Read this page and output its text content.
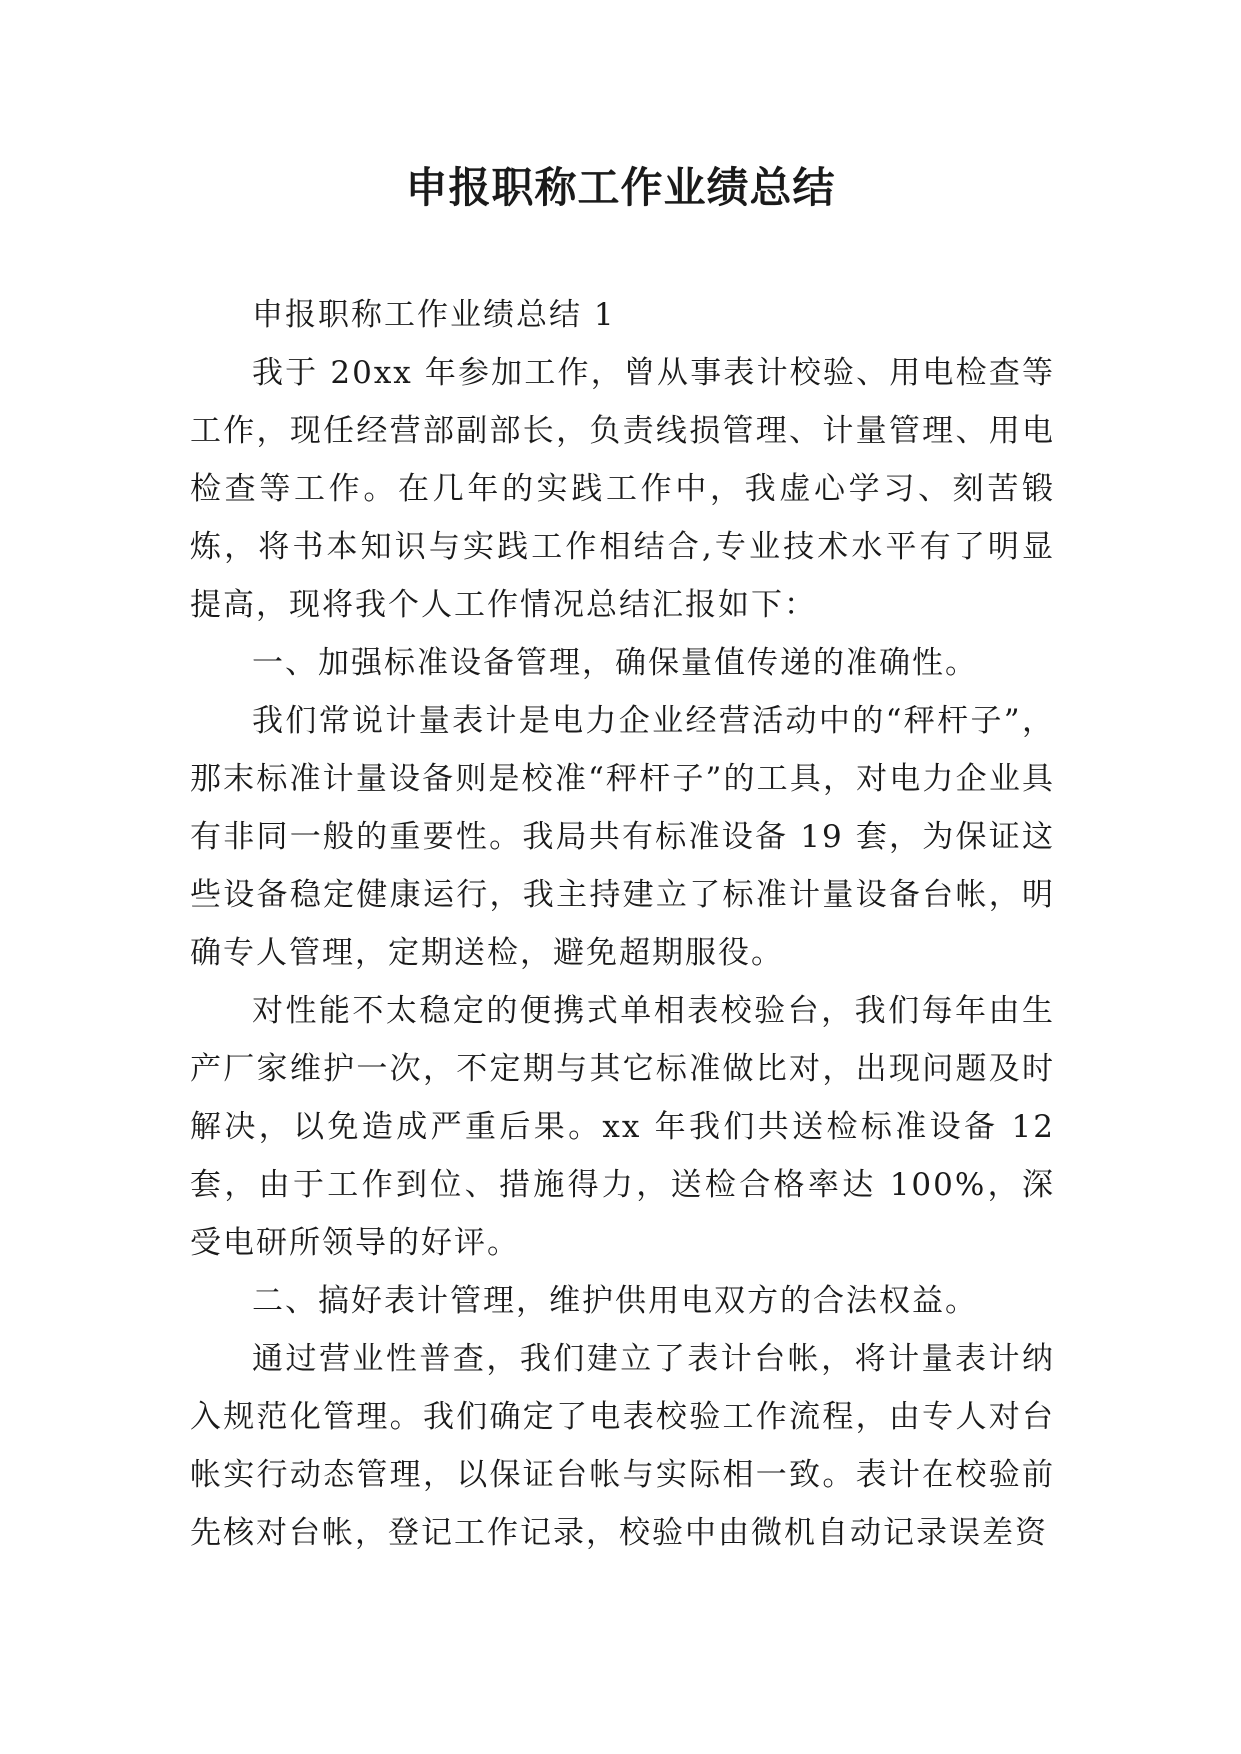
申报职称工作业绩总结

申报职称工作业绩总结 1

我于 20xx 年参加工作，曾从事表计校验、用电检查等工作，现任经营部副部长，负责线损管理、计量管理、用电检查等工作。在几年的实践工作中，我虚心学习、刻苦锻炼，将书本知识与实践工作相结合,专业技术水平有了明显提高，现将我个人工作情况总结汇报如下：

一、加强标准设备管理，确保量值传递的准确性。

我们常说计量表计是电力企业经营活动中的“秤杆子”，那末标准计量设备则是校准“秤杆子”的工具，对电力企业具有非同一般的重要性。我局共有标准设备 19 套，为保证这些设备稳定健康运行，我主持建立了标准计量设备台帐，明确专人管理，定期送检，避免超期服役。

对性能不太稳定的便携式单相表校验台，我们每年由生产厂家维护一次，不定期与其它标准做比对，出现问题及时解决，以免造成严重后果。xx 年我们共送检标准设备 12 套，由于工作到位、措施得力，送检合格率达 100%，深受电研所领导的好评。

二、搞好表计管理，维护供用电双方的合法权益。

通过营业性普查，我们建立了表计台帐，将计量表计纳入规范化管理。我们确定了电表校验工作流程，由专人对台帐实行动态管理，以保证台帐与实际相一致。表计在校验前先核对台帐，登记工作记录，校验中由微机自动记录误差资
